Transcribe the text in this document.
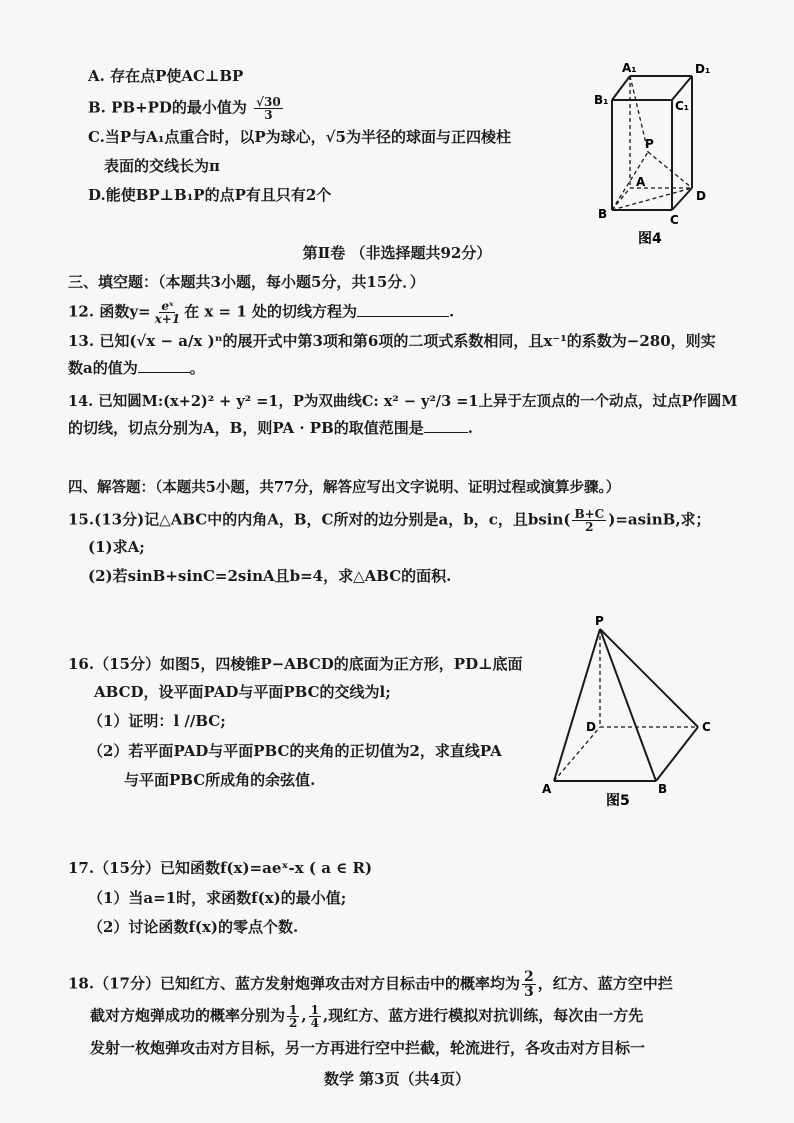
A. 存在点P使AC⊥BP
B. PB+PD的最小值为 $\frac{√30}{3}$
C.当P与A₁点重合时，以P为球心，√5为半径的球面与正四棱柱
表面的交线长为π
D.能使BP⊥B₁P的点P有且只有2个
A₁	D₁
B₁	C₁
P
A
B	C
D
图4
第Ⅱ卷 （非选择题共92分）
三、填空题：（本题共3小题，每小题5分，共15分．）
12. 函数$y= \frac{\text{eˣ}}{x+1}$ 在 x = 1 处的切线方程为	.
13. 已知(√x − a/x )ⁿ的展开式中第3项和第6项的二项式系数相同，且x⁻¹的系数为−280，则实
数a的值为	。
14. 已知圆M:(x+2)² + y² =1，P为双曲线C: x² − y²/3 =1上异于左顶点的一个动点，过点P作圆M
的切线，切点分别为A，B，则PA · PB的取值范围是	.
四、解答题：（本题共5小题，共77分，解答应写出文字说明、证明过程或演算步骤。）
15.(13分)记△ABC中的内角A，B，C所对的边分别是a，b，c，且$bsin( \frac{B+C}{2} )=asinB$,求；
(1)求A;
(2)若sinB+sinC=2sinA且b=4，求△ABC的面积.
16.（15分）如图5，四棱锥P−ABCD的底面为正方形，PD⊥底面
ABCD，设平面PAD与平面PBC的交线为l;
（1）证明：l //BC;
（2）若平面PAD与平面PBC的夹角的正切值为2，求直线PA
与平面PBC所成角的余弦值.
P
D	C
A	B
图5
17.（15分）已知函数f(x)=aeˣ-x ( a ∈ R)
（1）当a=1时，求函数f(x)的最小值;
（2）讨论函数f(x)的零点个数.
18.（17分）已知红方、蓝方发射炮弹攻击对方目标击中的概率均为 $\frac{2}{3}$ ，红方、蓝方空中拦
截对方炮弹成功的概率分别为 $\frac{1}{2}$ , $\frac{1}{4}$ ,现红方、蓝方进行模拟对抗训练，每次由一方先
发射一枚炮弹攻击对方目标，另一方再进行空中拦截，轮流进行，各攻击对方目标一
数学 第3页（共4页）
